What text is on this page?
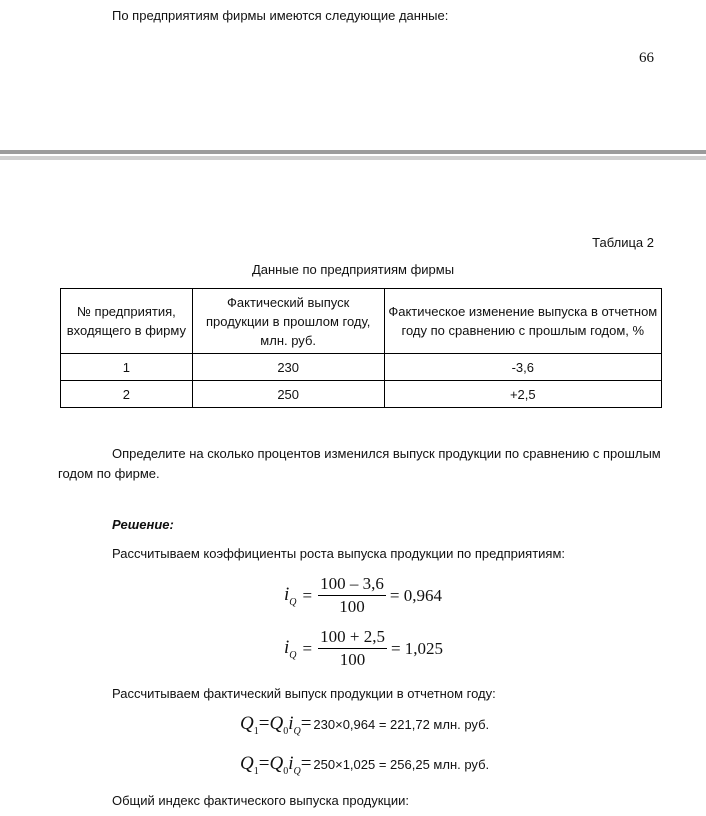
По предприятиям фирмы имеются следующие данные:
66
Таблица 2
Данные по предприятиям фирмы
№ предприятия, входящего в фирму	Фактический выпуск продукции в прошлом году, млн. руб.	Фактическое изменение выпуска в отчетном году по сравнению с прошлым годом, %
1	230	-3,6
2	250	+2,5
Определите на сколько процентов изменился выпуск продукции по сравнению с прошлым
годом по фирме.
Решение:
Рассчитываем коэффициенты роста выпуска продукции по предприятиям:
$i_Q = \frac{100 - 3,6}{100} = 0,964$
$i_Q = \frac{100 + 2,5}{100} = 1,025$
Рассчитываем фактический выпуск продукции в отчетном году:
$Q_1 = Q_0$ $i_Q = 230\times 0,964 = 221,72$ млн. руб.
$Q_1 = Q_0$ $i_Q = 250\times 1,025 = 256,25$ млн. руб.
Общий индекс фактического выпуска продукции:
